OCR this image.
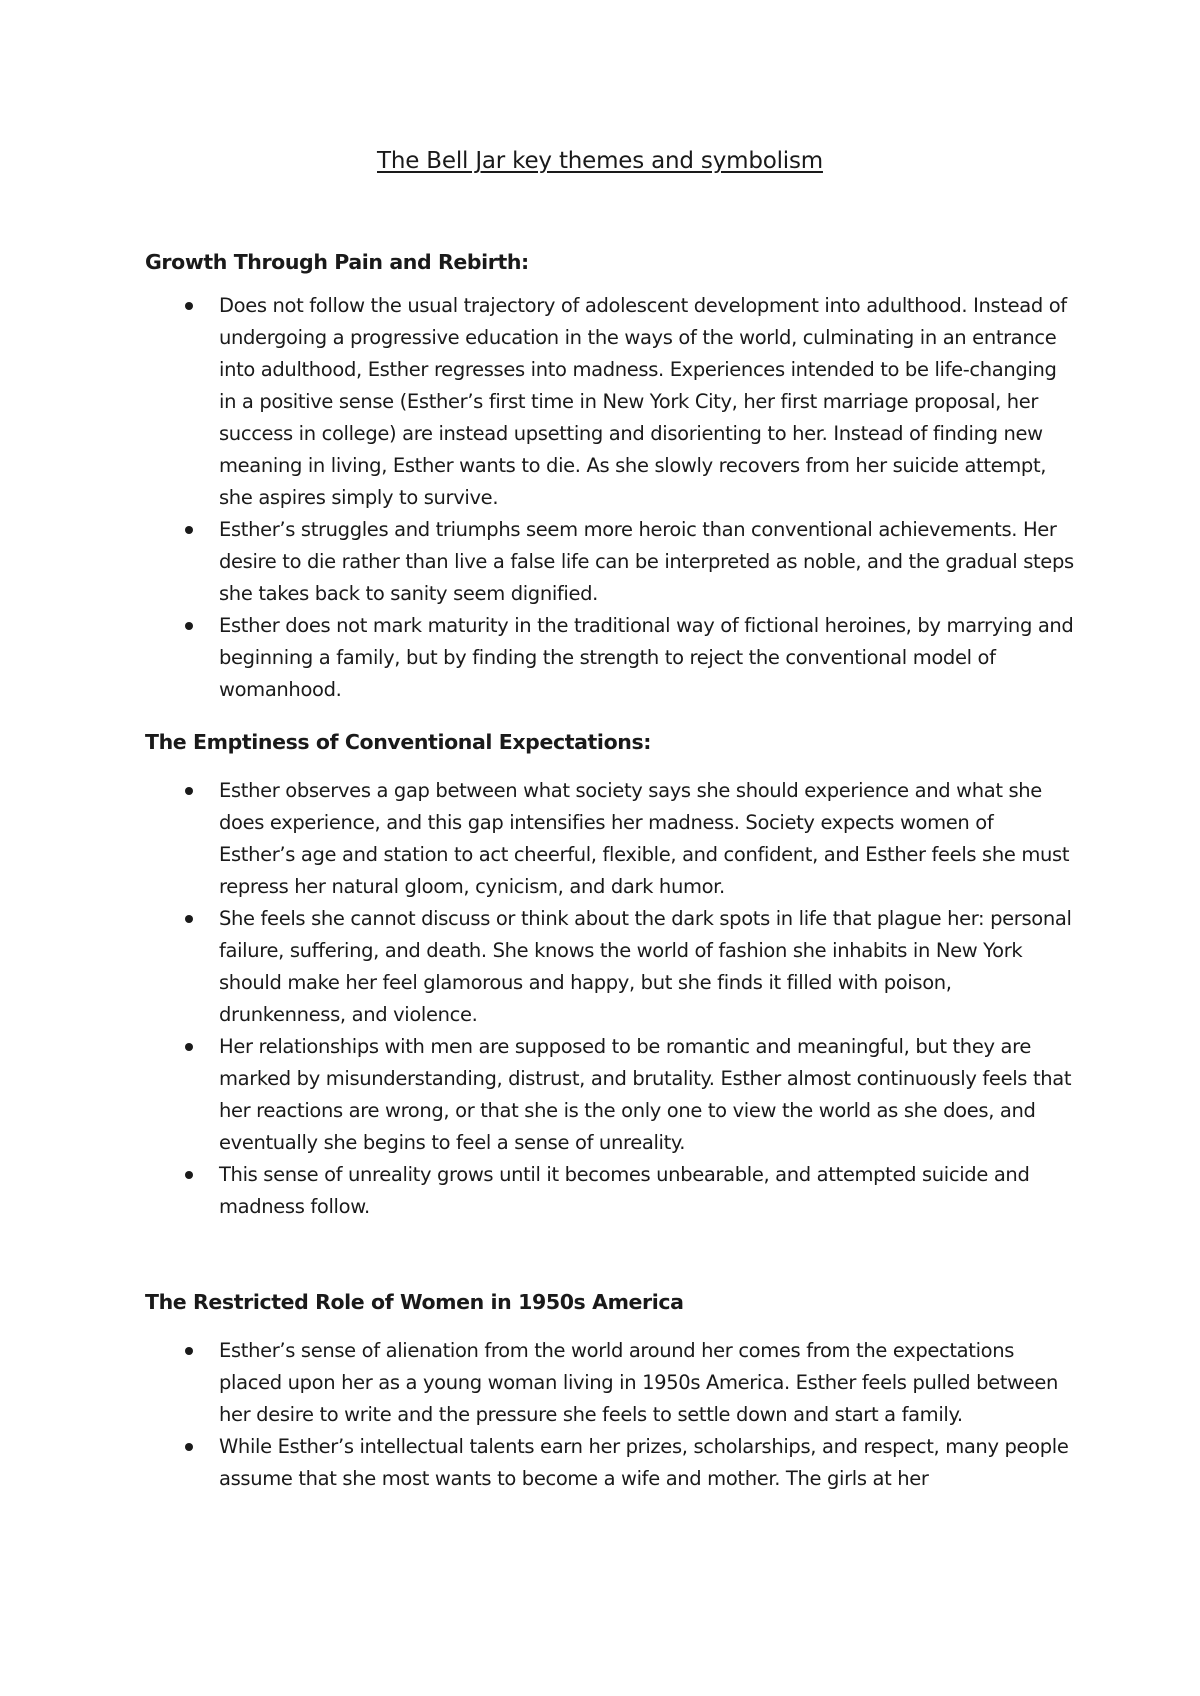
The Bell Jar key themes and symbolism
Growth Through Pain and Rebirth:
Does not follow the usual trajectory of adolescent development into adulthood. Instead of undergoing a progressive education in the ways of the world, culminating in an entrance into adulthood, Esther regresses into madness. Experiences intended to be life-changing in a positive sense (Esther’s first time in New York City, her first marriage proposal, her success in college) are instead upsetting and disorienting to her. Instead of finding new meaning in living, Esther wants to die. As she slowly recovers from her suicide attempt, she aspires simply to survive.
Esther’s struggles and triumphs seem more heroic than conventional achievements. Her desire to die rather than live a false life can be interpreted as noble, and the gradual steps she takes back to sanity seem dignified.
Esther does not mark maturity in the traditional way of fictional heroines, by marrying and beginning a family, but by finding the strength to reject the conventional model of womanhood.
The Emptiness of Conventional Expectations:
Esther observes a gap between what society says she should experience and what she does experience, and this gap intensifies her madness. Society expects women of Esther’s age and station to act cheerful, flexible, and confident, and Esther feels she must repress her natural gloom, cynicism, and dark humor.
She feels she cannot discuss or think about the dark spots in life that plague her: personal failure, suffering, and death. She knows the world of fashion she inhabits in New York should make her feel glamorous and happy, but she finds it filled with poison, drunkenness, and violence.
Her relationships with men are supposed to be romantic and meaningful, but they are marked by misunderstanding, distrust, and brutality. Esther almost continuously feels that her reactions are wrong, or that she is the only one to view the world as she does, and eventually she begins to feel a sense of unreality.
This sense of unreality grows until it becomes unbearable, and attempted suicide and madness follow.
The Restricted Role of Women in 1950s America
Esther’s sense of alienation from the world around her comes from the expectations placed upon her as a young woman living in 1950s America. Esther feels pulled between her desire to write and the pressure she feels to settle down and start a family.
While Esther’s intellectual talents earn her prizes, scholarships, and respect, many people assume that she most wants to become a wife and mother. The girls at her
